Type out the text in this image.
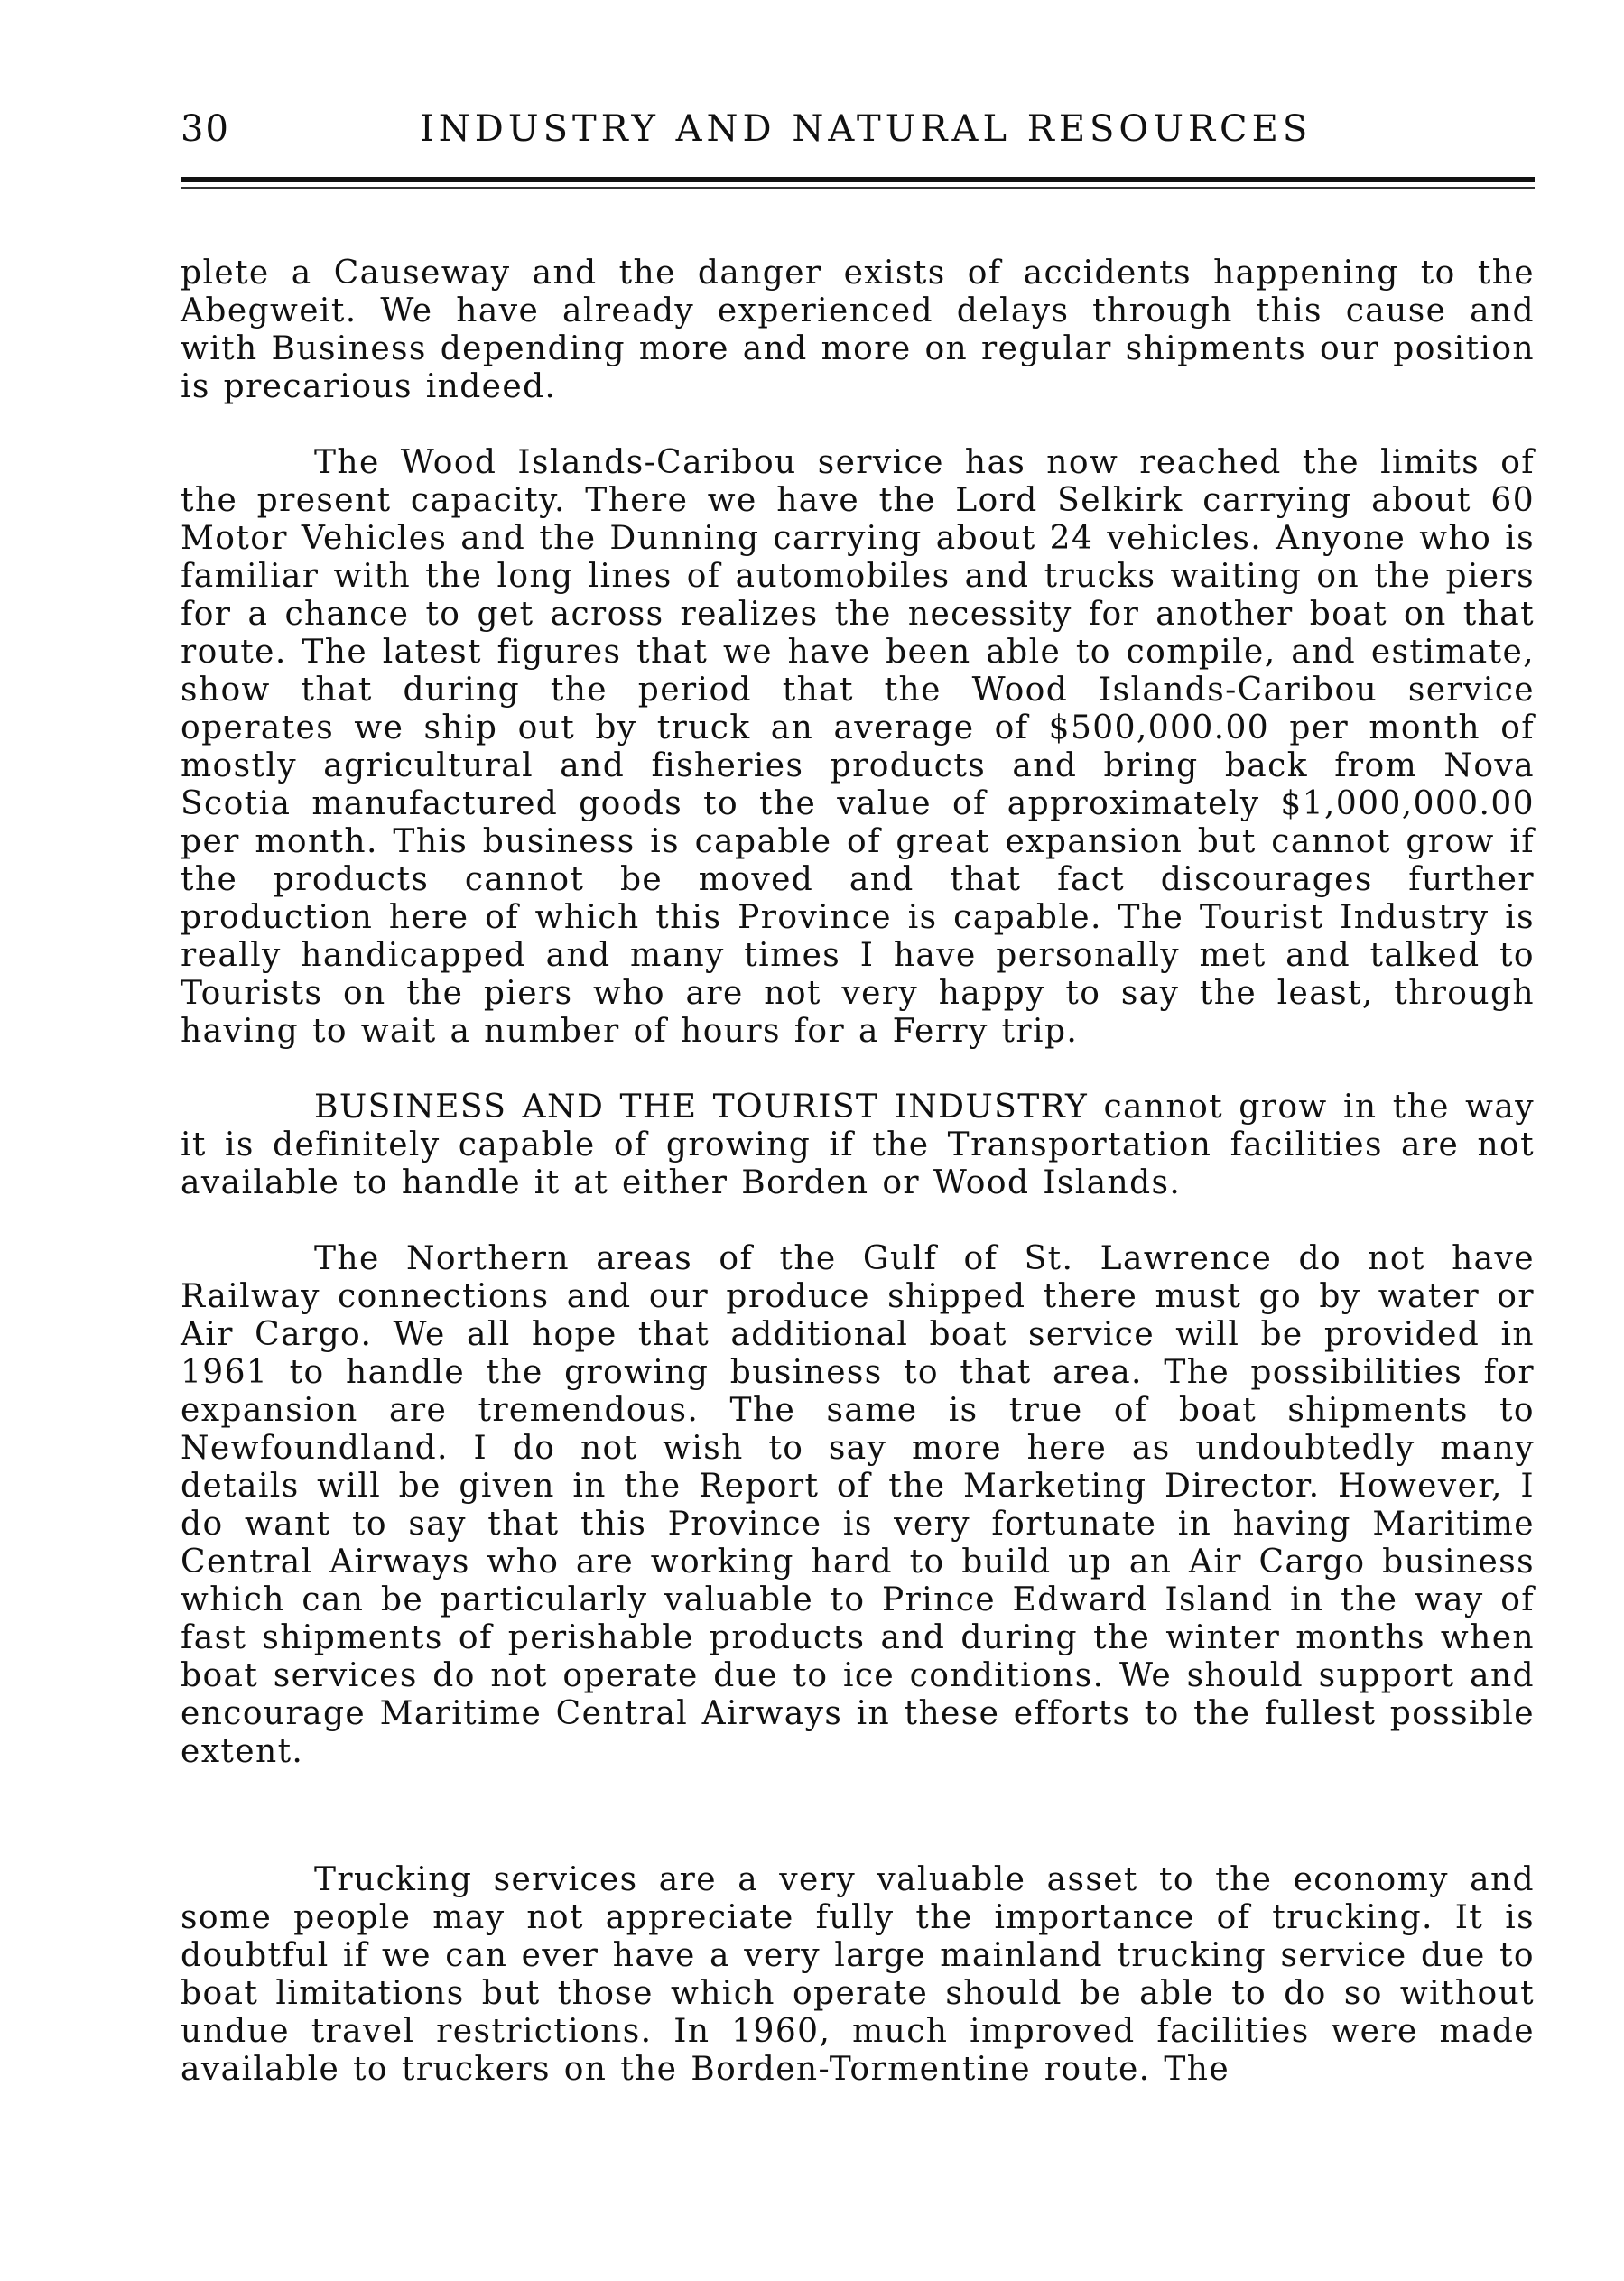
30	INDUSTRY AND NATURAL RESOURCES

plete a Causeway and the danger exists of accidents happening to the Abegweit. We have already experienced delays through this cause and with Business depending more and more on regular shipments our position is precarious indeed.

The Wood Islands-Caribou service has now reached the limits of the present capacity. There we have the Lord Selkirk carrying about 60 Motor Vehicles and the Dunning carrying about 24 vehicles. Anyone who is familiar with the long lines of automobiles and trucks waiting on the piers for a chance to get across realizes the necessity for another boat on that route. The latest figures that we have been able to compile, and estimate, show that during the period that the Wood Islands-Caribou service operates we ship out by truck an average of $500,000.00 per month of mostly agricultural and fisheries products and bring back from Nova Scotia manufactured goods to the value of approximately $1,000,000.00 per month. This business is capable of great expansion but cannot grow if the products cannot be moved and that fact discourages further production here of which this Province is capable. The Tourist Industry is really handicapped and many times I have personally met and talked to Tourists on the piers who are not very happy to say the least, through having to wait a number of hours for a Ferry trip.

BUSINESS AND THE TOURIST INDUSTRY cannot grow in the way it is definitely capable of growing if the Transportation facilities are not available to handle it at either Borden or Wood Islands.

The Northern areas of the Gulf of St. Lawrence do not have Railway connections and our produce shipped there must go by water or Air Cargo. We all hope that additional boat service will be provided in 1961 to handle the growing business to that area. The possibilities for expansion are tremendous. The same is true of boat shipments to Newfoundland. I do not wish to say more here as undoubtedly many details will be given in the Report of the Marketing Director. However, I do want to say that this Province is very fortunate in having Maritime Central Airways who are working hard to build up an Air Cargo business which can be particularly valuable to Prince Edward Island in the way of fast shipments of perishable products and during the winter months when boat services do not operate due to ice conditions. We should support and encourage Maritime Central Airways in these efforts to the fullest possible extent.

Trucking services are a very valuable asset to the economy and some people may not appreciate fully the importance of trucking. It is doubtful if we can ever have a very large mainland trucking service due to boat limitations but those which operate should be able to do so without undue travel restrictions. In 1960, much improved facilities were made available to truckers on the Borden-Tormentine route. The
